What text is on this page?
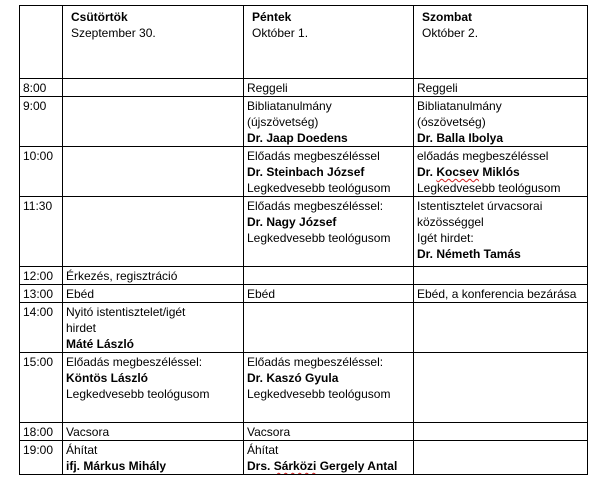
	Csütörtök
Szeptember 30.	Péntek
Október 1.	Szombat
Október 2.

8:00		Reggeli	Reggeli

9:00		Bibliatanulmány
(újszövetség)
Dr. Jaap Doedens	Bibliatanulmány
(ószövetség)
Dr. Balla Ibolya

10:00		Előadás megbeszéléssel
Dr. Steinbach József
Legkedvesebb teológusom	előadás megbeszéléssel
Dr. Kocsev Miklós
Legkedvesebb teológusom

11:30		Előadás megbeszéléssel:
Dr. Nagy József
Legkedvesebb teológusom	Istentisztelet úrvacsorai
közösséggel
Igét hirdet:
Dr. Németh Tamás

12:00	Érkezés, regisztráció		

13:00	Ebéd	Ebéd	Ebéd, a konferencia bezárása

14:00	Nyitó istentisztelet/igét
hirdet
Máté László		

15:00	Előadás megbeszéléssel:
Köntös László
Legkedvesebb teológusom	Előadás megbeszéléssel:
Dr. Kaszó Gyula
Legkedvesebb teológusom	

18:00	Vacsora	Vacsora	

19:00	Áhítat
ifj. Márkus Mihály	Áhítat
Drs. Sárközi Gergely Antal	
